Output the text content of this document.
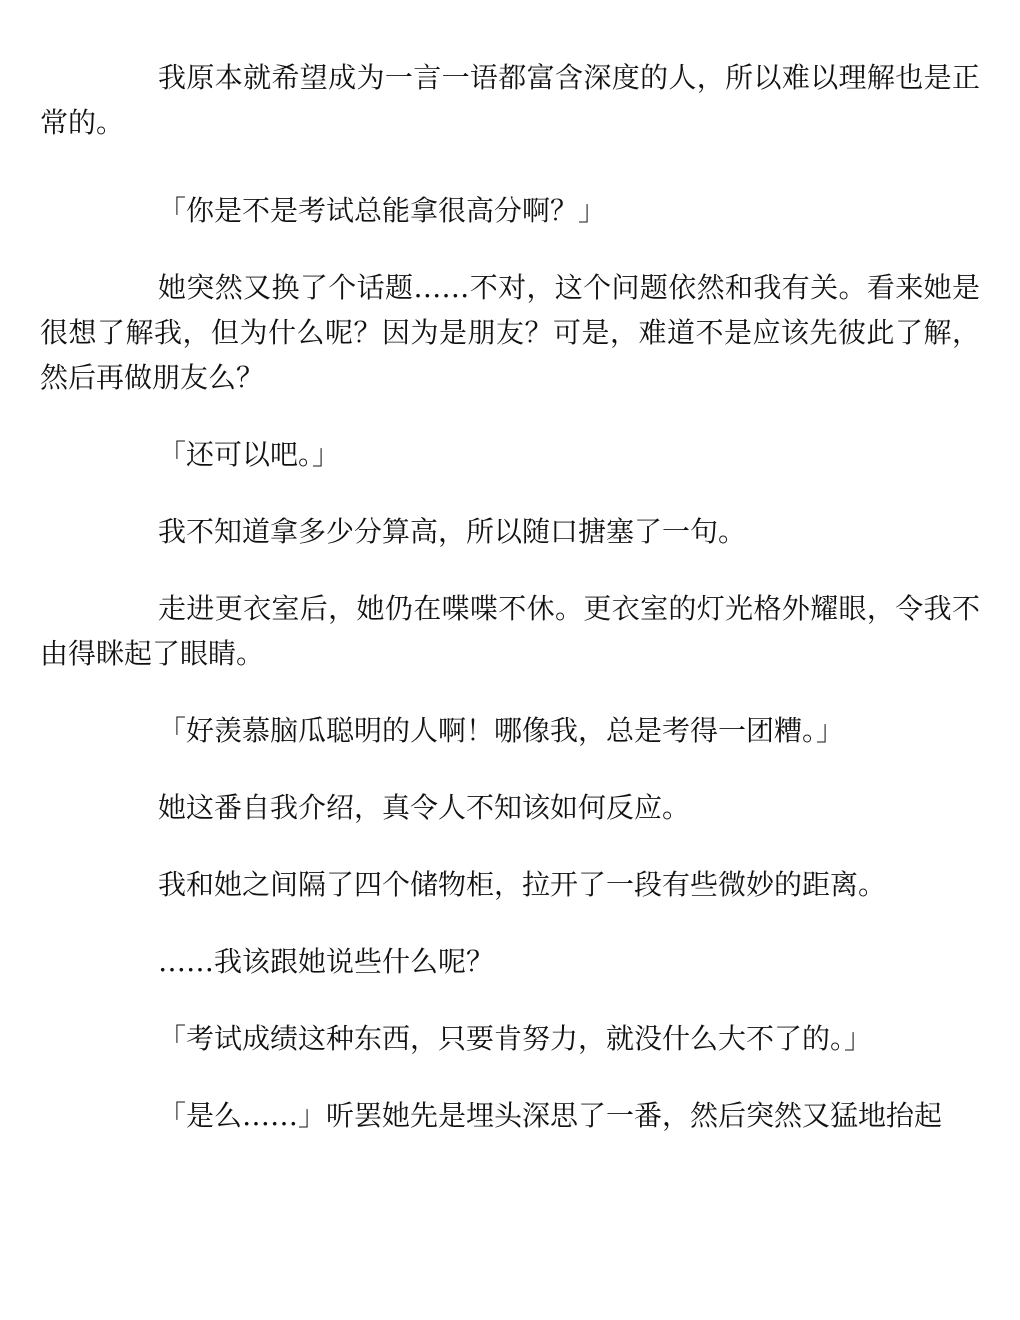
我原本就希望成为一言一语都富含深度的人，所以难以理解也是正常的。

「你是不是考试总能拿很高分啊？」

她突然又换了个话题……不对，这个问题依然和我有关。看来她是很想了解我，但为什么呢？因为是朋友？可是，难道不是应该先彼此了解，然后再做朋友么？

「还可以吧。」

我不知道拿多少分算高，所以随口搪塞了一句。

走进更衣室后，她仍在喋喋不休。更衣室的灯光格外耀眼，令我不由得眯起了眼睛。

「好羡慕脑瓜聪明的人啊！哪像我，总是考得一团糟。」

她这番自我介绍，真令人不知该如何反应。

我和她之间隔了四个储物柜，拉开了一段有些微妙的距离。

……我该跟她说些什么呢？

「考试成绩这种东西，只要肯努力，就没什么大不了的。」

「是么……」听罢她先是埋头深思了一番，然后突然又猛地抬起
